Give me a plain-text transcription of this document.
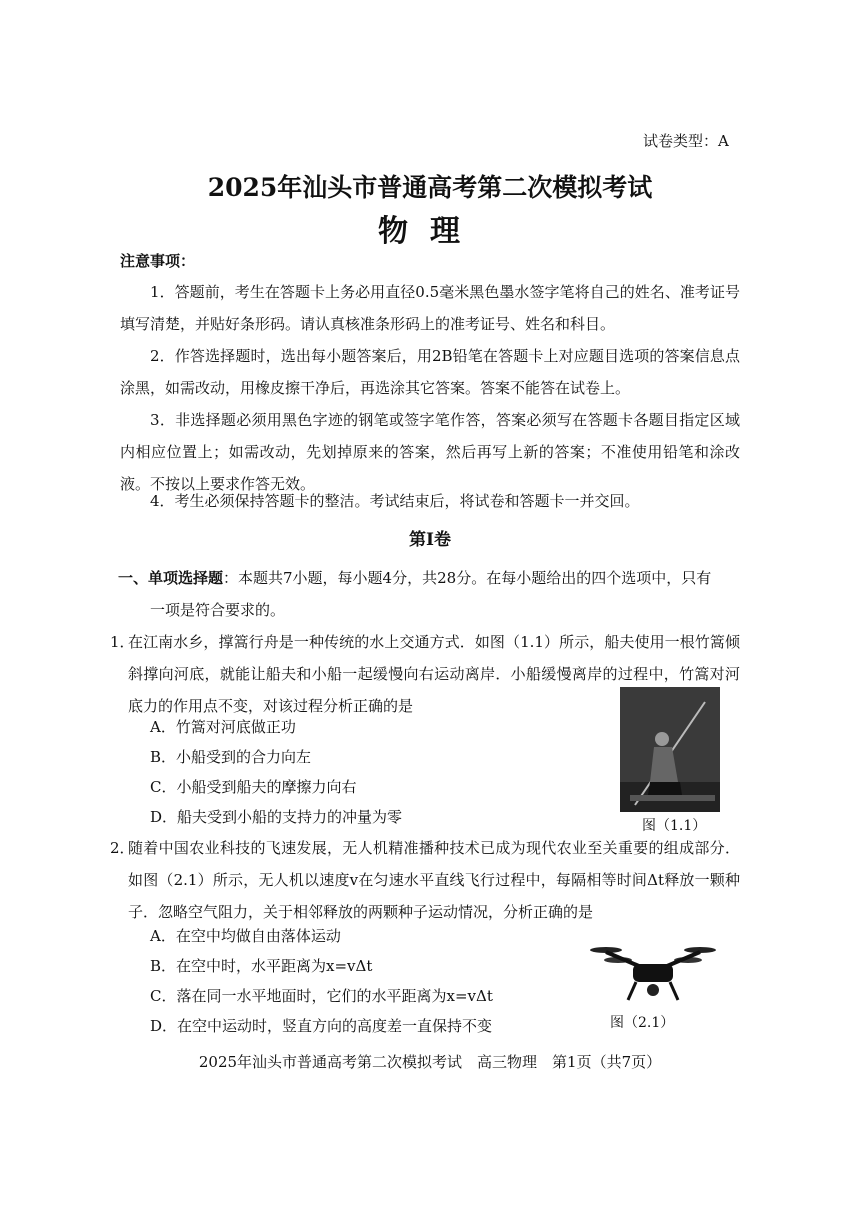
试卷类型：A
2025年汕头市普通高考第二次模拟考试
物理
注意事项：
1．答题前，考生在答题卡上务必用直径0.5毫米黑色墨水签字笔将自己的姓名、准考证号填写清楚，并贴好条形码。请认真核准条形码上的准考证号、姓名和科目。
2．作答选择题时，选出每小题答案后，用2B铅笔在答题卡上对应题目选项的答案信息点涂黑，如需改动，用橡皮擦干净后，再选涂其它答案。答案不能答在试卷上。
3．非选择题必须用黑色字迹的钢笔或签字笔作答，答案必须写在答题卡各题目指定区域内相应位置上；如需改动，先划掉原来的答案，然后再写上新的答案；不准使用铅笔和涂改液。不按以上要求作答无效。
4．考生必须保持答题卡的整洁。考试结束后，将试卷和答题卡一并交回。
第Ⅰ卷
一、单项选择题：本题共7小题，每小题4分，共28分。在每小题给出的四个选项中，只有
一项是符合要求的。
1．
在江南水乡，撑篙行舟是一种传统的水上交通方式．如图（1.1）所示，船夫使用一根竹篙倾斜撑向河底，就能让船夫和小船一起缓慢向右运动离岸．小船缓慢离岸的过程中，竹篙对河底力的作用点不变，对该过程分析正确的是
A．竹篙对河底做正功
B．小船受到的合力向左
C．小船受到船夫的摩擦力向右
D．船夫受到小船的支持力的冲量为零	图（1.1）
2．
随着中国农业科技的飞速发展，无人机精准播种技术已成为现代农业至关重要的组成部分．如图（2.1）所示，无人机以速度v在匀速水平直线飞行过程中，每隔相等时间Δt释放一颗种子．忽略空气阻力，关于相邻释放的两颗种子运动情况，分析正确的是
A．在空中均做自由落体运动
B．在空中时，水平距离为x=vΔt
C．落在同一水平地面时，它们的水平距离为x=vΔt
D．在空中运动时，竖直方向的高度差一直保持不变	图（2.1）
2025年汕头市普通高考第二次模拟考试　高三物理　第1页（共7页）
